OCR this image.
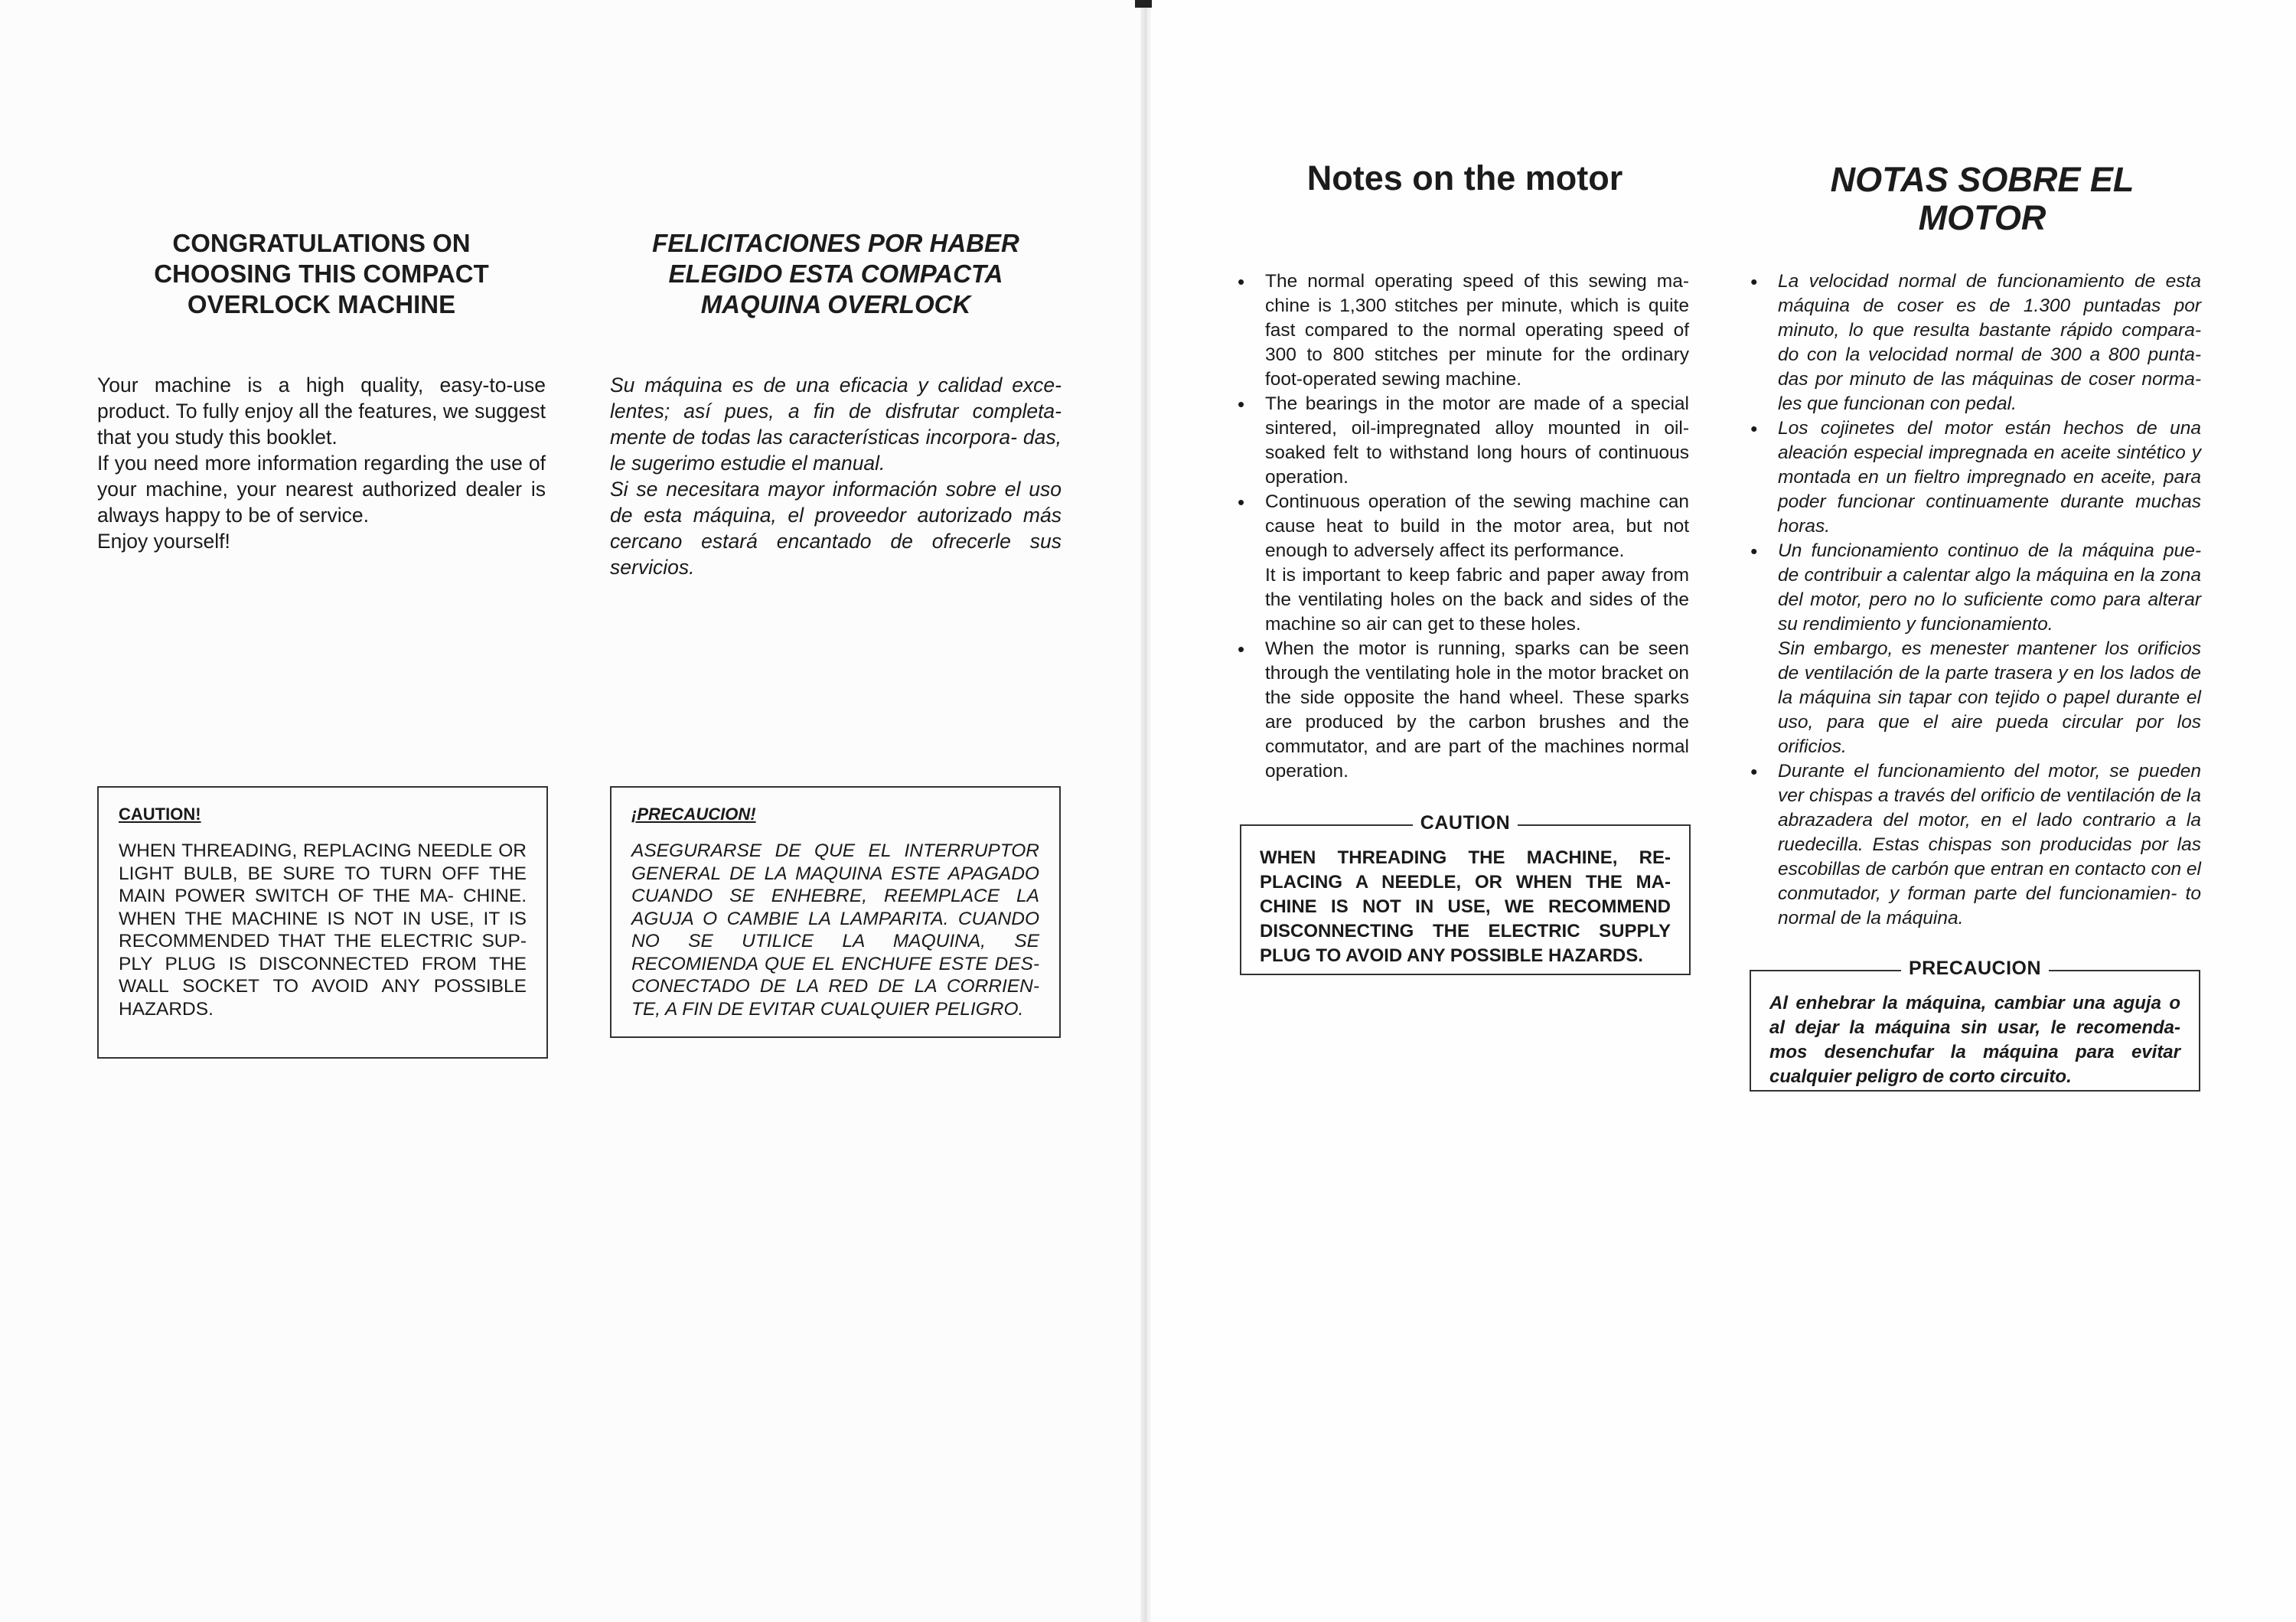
CONGRATULATIONS ON
CHOOSING THIS COMPACT
OVERLOCK MACHINE
Your machine is a high quality, easy-to-use product. To fully enjoy all the features, we suggest that you study this booklet.
If you need more information regarding the use of your machine, your nearest authorized dealer is always happy to be of service.
Enjoy yourself!
CAUTION!
WHEN THREADING, REPLACING NEEDLE OR LIGHT BULB, BE SURE TO TURN OFF THE MAIN POWER SWITCH OF THE MA- CHINE. WHEN THE MACHINE IS NOT IN USE, IT IS RECOMMENDED THAT THE ELECTRIC SUP- PLY PLUG IS DISCONNECTED FROM THE WALL SOCKET TO AVOID ANY POSSIBLE HAZARDS.
FELICITACIONES POR HABER
ELEGIDO ESTA COMPACTA
MAQUINA OVERLOCK
Su máquina es de una eficacia y calidad exce- lentes; así pues, a fin de disfrutar completa- mente de todas las características incorpora- das, le sugerimo estudie el manual.
Si se necesitara mayor información sobre el uso de esta máquina, el proveedor autorizado más cercano estará encantado de ofrecerle sus servicios.
¡PRECAUCION!
ASEGURARSE DE QUE EL INTERRUPTOR GENERAL DE LA MAQUINA ESTE APAGADO CUANDO SE ENHEBRE, REEMPLACE LA AGUJA O CAMBIE LA LAMPARITA. CUANDO NO SE UTILICE LA MAQUINA, SE RECOMIENDA QUE EL ENCHUFE ESTE DES- CONECTADO DE LA RED DE LA CORRIEN- TE, A FIN DE EVITAR CUALQUIER PELIGRO.
Notes on the motor
• The normal operating speed of this sewing ma- chine is 1,300 stitches per minute, which is quite fast compared to the normal operating speed of 300 to 800 stitches per minute for the ordinary foot-operated sewing machine.
• The bearings in the motor are made of a special sintered, oil-impregnated alloy mounted in oil- soaked felt to withstand long hours of continuous operation.
• Continuous operation of the sewing machine can cause heat to build in the motor area, but not enough to adversely affect its performance.
It is important to keep fabric and paper away from the ventilating holes on the back and sides of the machine so air can get to these holes.
• When the motor is running, sparks can be seen through the ventilating hole in the motor bracket on the side opposite the hand wheel. These sparks are produced by the carbon brushes and the commutator, and are part of the machines normal operation.
CAUTION
WHEN THREADING THE MACHINE, RE- PLACING A NEEDLE, OR WHEN THE MA- CHINE IS NOT IN USE, WE RECOMMEND DISCONNECTING THE ELECTRIC SUPPLY PLUG TO AVOID ANY POSSIBLE HAZARDS.
NOTAS SOBRE EL
MOTOR
• La velocidad normal de funcionamiento de esta máquina de coser es de 1.300 puntadas por minuto, lo que resulta bastante rápido compara- do con la velocidad normal de 300 a 800 punta- das por minuto de las máquinas de coser norma- les que funcionan con pedal.
• Los cojinetes del motor están hechos de una aleación especial impregnada en aceite sintético y montada en un fieltro impregnado en aceite, para poder funcionar continuamente durante muchas horas.
• Un funcionamiento continuo de la máquina pue- de contribuir a calentar algo la máquina en la zona del motor, pero no lo suficiente como para alterar su rendimiento y funcionamiento.
Sin embargo, es menester mantener los orificios de ventilación de la parte trasera y en los lados de la máquina sin tapar con tejido o papel durante el uso, para que el aire pueda circular por los orificios.
• Durante el funcionamiento del motor, se pueden ver chispas a través del orificio de ventilación de la abrazadera del motor, en el lado contrario a la ruedecilla. Estas chispas son producidas por las escobillas de carbón que entran en contacto con el conmutador, y forman parte del funcionamien- to normal de la máquina.
PRECAUCION
Al enhebrar la máquina, cambiar una aguja o al dejar la máquina sin usar, le recomenda- mos desenchufar la máquina para evitar cualquier peligro de corto circuito.
